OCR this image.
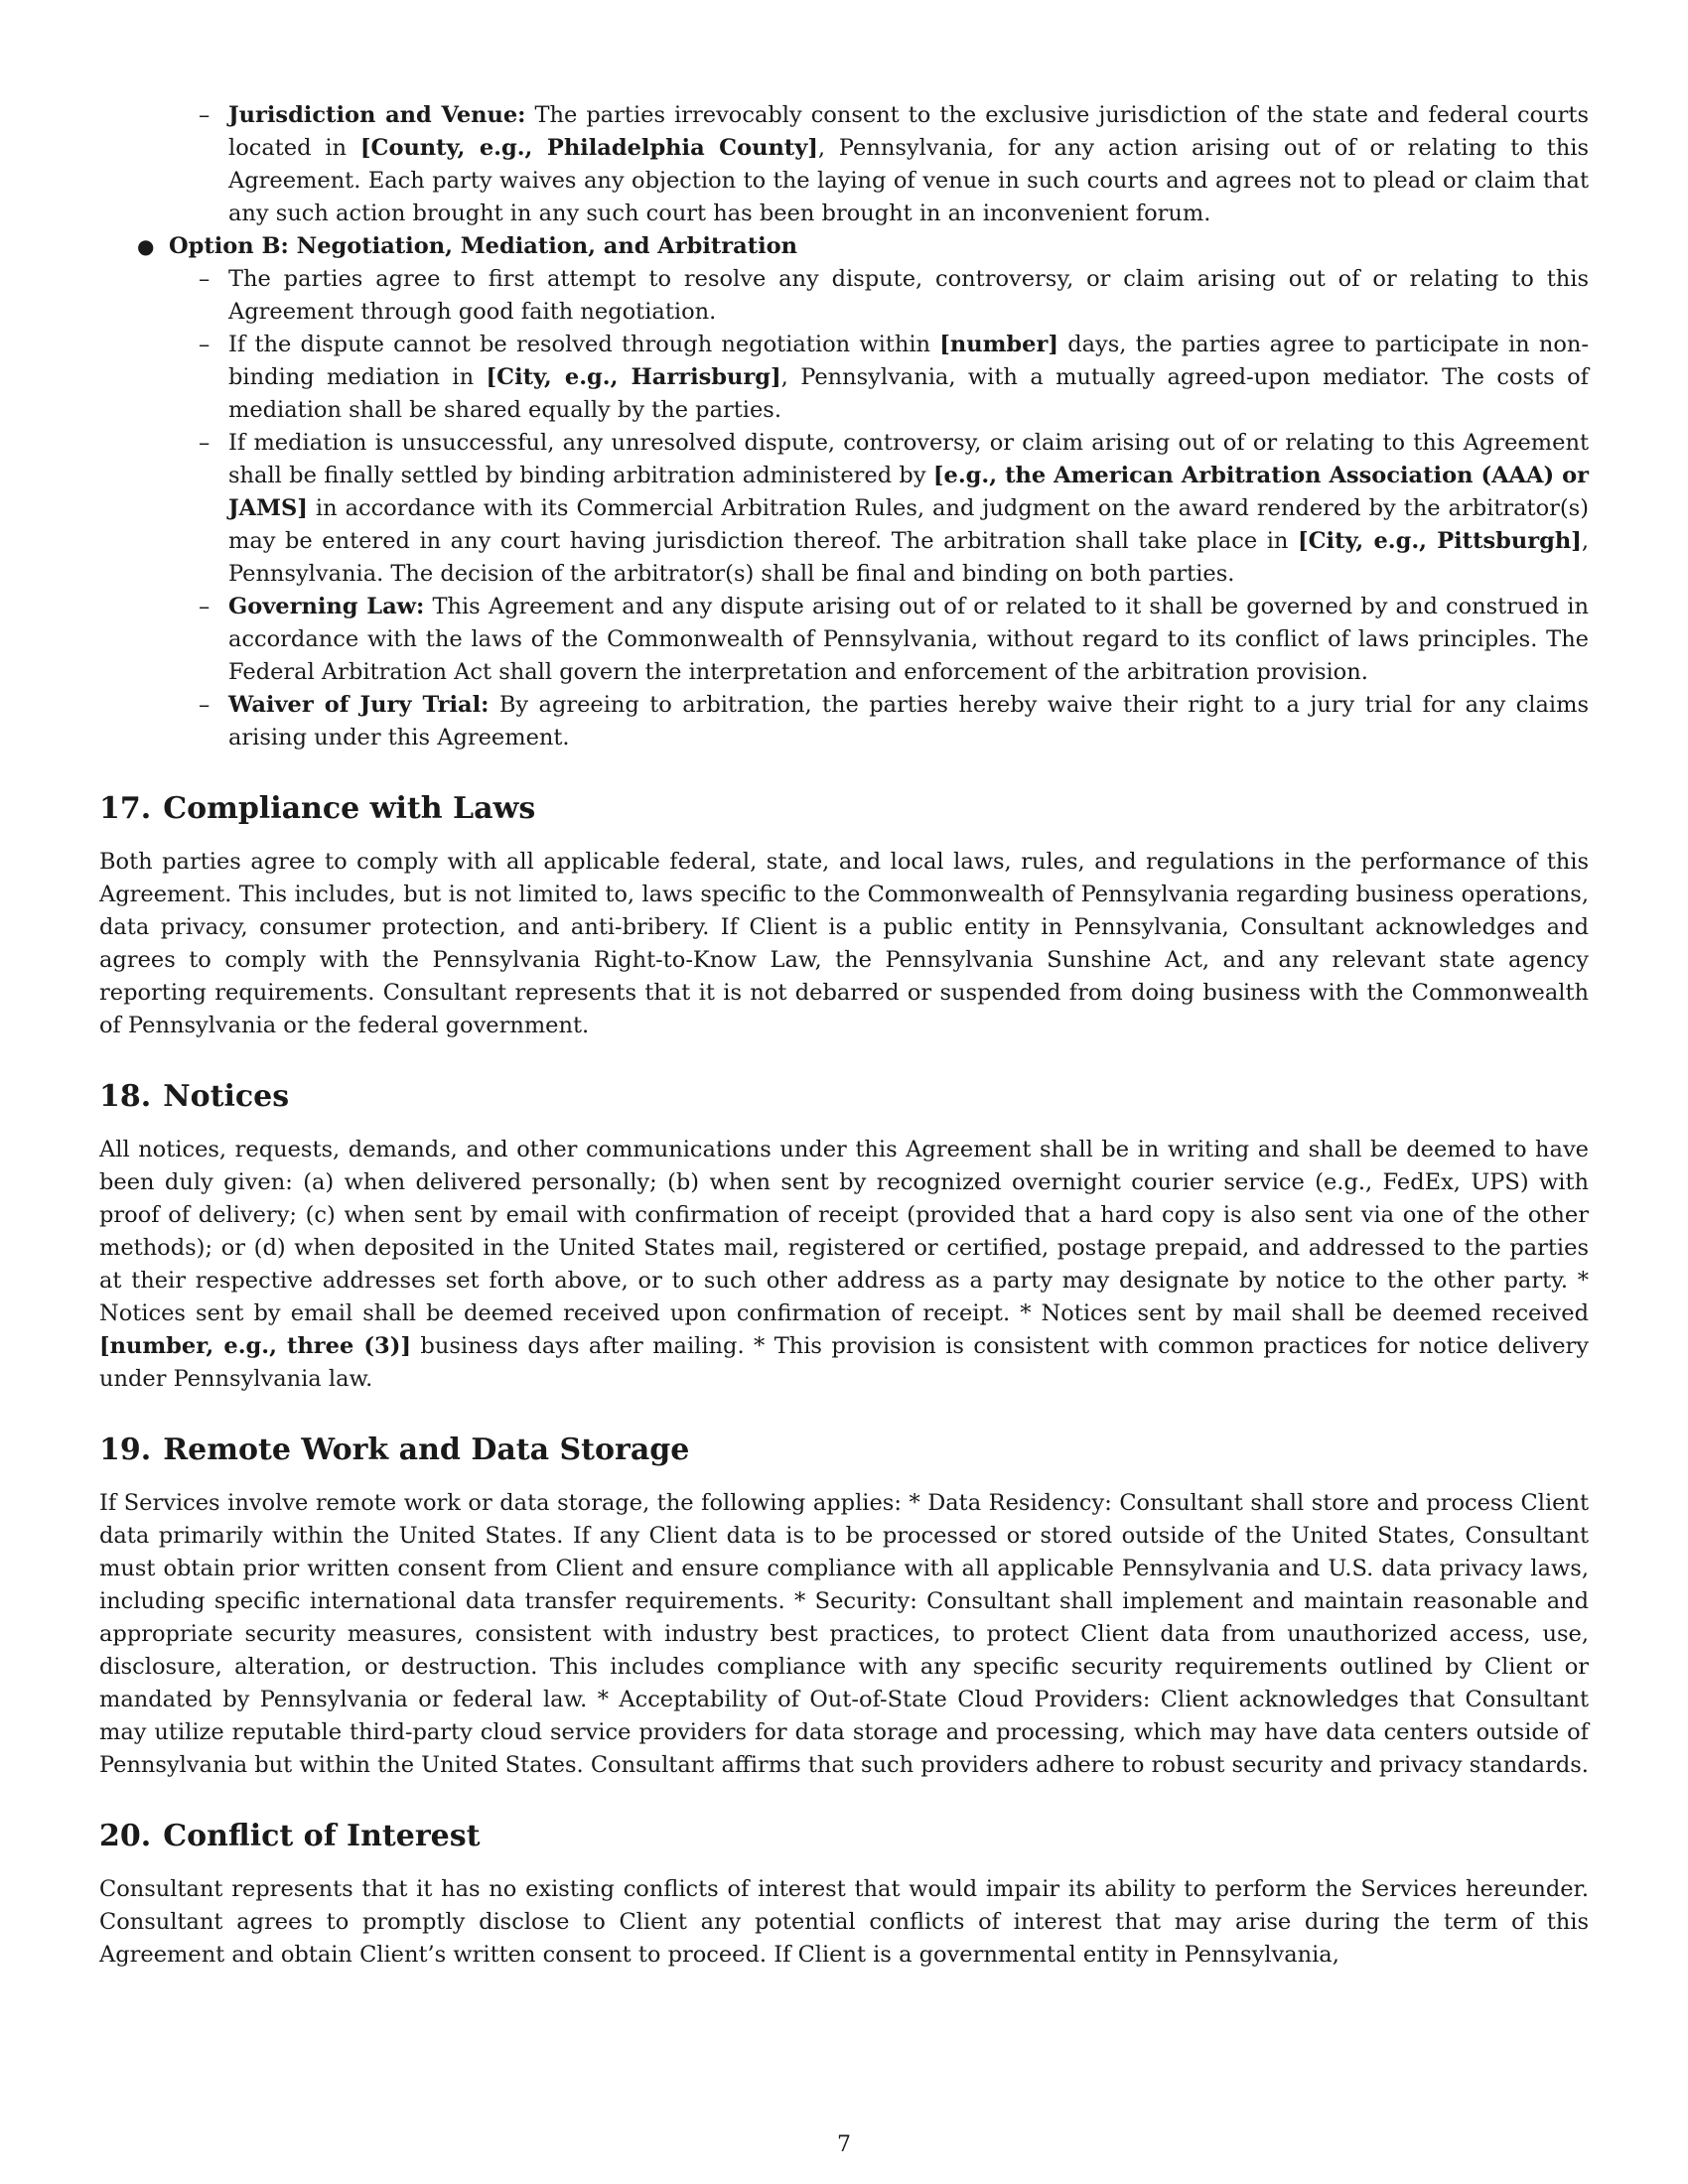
– Jurisdiction and Venue: The parties irrevocably consent to the exclusive jurisdiction of the state and federal courts located in [County, e.g., Philadelphia County], Pennsylvania, for any action arising out of or relating to this Agreement. Each party waives any objection to the laying of venue in such courts and agrees not to plead or claim that any such action brought in any such court has been brought in an inconvenient forum.
● Option B: Negotiation, Mediation, and Arbitration
– The parties agree to first attempt to resolve any dispute, controversy, or claim arising out of or relating to this Agreement through good faith negotiation.
– If the dispute cannot be resolved through negotiation within [number] days, the parties agree to participate in non-binding mediation in [City, e.g., Harrisburg], Pennsylvania, with a mutually agreed-upon mediator. The costs of mediation shall be shared equally by the parties.
– If mediation is unsuccessful, any unresolved dispute, controversy, or claim arising out of or relating to this Agreement shall be finally settled by binding arbitration administered by [e.g., the American Arbitration Association (AAA) or JAMS] in accordance with its Commercial Arbitration Rules, and judgment on the award rendered by the arbitrator(s) may be entered in any court having jurisdiction thereof. The arbitration shall take place in [City, e.g., Pittsburgh], Pennsylvania. The decision of the arbitrator(s) shall be final and binding on both parties.
– Governing Law: This Agreement and any dispute arising out of or related to it shall be governed by and construed in accordance with the laws of the Commonwealth of Pennsylvania, without regard to its conflict of laws principles. The Federal Arbitration Act shall govern the interpretation and enforcement of the arbitration provision.
– Waiver of Jury Trial: By agreeing to arbitration, the parties hereby waive their right to a jury trial for any claims arising under this Agreement.
17. Compliance with Laws

Both parties agree to comply with all applicable federal, state, and local laws, rules, and regulations in the performance of this Agreement. This includes, but is not limited to, laws specific to the Commonwealth of Pennsylvania regarding business operations, data privacy, consumer protection, and anti-bribery. If Client is a public entity in Pennsylvania, Consultant acknowledges and agrees to comply with the Pennsylvania Right-to-Know Law, the Pennsylvania Sunshine Act, and any relevant state agency reporting requirements. Consultant represents that it is not debarred or suspended from doing business with the Commonwealth of Pennsylvania or the federal government.

18. Notices

All notices, requests, demands, and other communications under this Agreement shall be in writing and shall be deemed to have been duly given: (a) when delivered personally; (b) when sent by recognized overnight courier service (e.g., FedEx, UPS) with proof of delivery; (c) when sent by email with confirmation of receipt (provided that a hard copy is also sent via one of the other methods); or (d) when deposited in the United States mail, registered or certified, postage prepaid, and addressed to the parties at their respective addresses set forth above, or to such other address as a party may designate by notice to the other party. * Notices sent by email shall be deemed received upon confirmation of receipt. * Notices sent by mail shall be deemed received [number, e.g., three (3)] business days after mailing. * This provision is consistent with common practices for notice delivery under Pennsylvania law.

19. Remote Work and Data Storage

If Services involve remote work or data storage, the following applies: * Data Residency: Consultant shall store and process Client data primarily within the United States. If any Client data is to be processed or stored outside of the United States, Consultant must obtain prior written consent from Client and ensure compliance with all applicable Pennsylvania and U.S. data privacy laws, including specific international data transfer requirements. * Security: Consultant shall implement and maintain reasonable and appropriate security measures, consistent with industry best practices, to protect Client data from unauthorized access, use, disclosure, alteration, or destruction. This includes compliance with any specific security requirements outlined by Client or mandated by Pennsylvania or federal law. * Acceptability of Out-of-State Cloud Providers: Client acknowledges that Consultant may utilize reputable third-party cloud service providers for data storage and processing, which may have data centers outside of Pennsylvania but within the United States. Consultant affirms that such providers adhere to robust security and privacy standards.

20. Conflict of Interest

Consultant represents that it has no existing conflicts of interest that would impair its ability to perform the Services hereunder. Consultant agrees to promptly disclose to Client any potential conflicts of interest that may arise during the term of this Agreement and obtain Client’s written consent to proceed. If Client is a governmental entity in Pennsylvania,

7
